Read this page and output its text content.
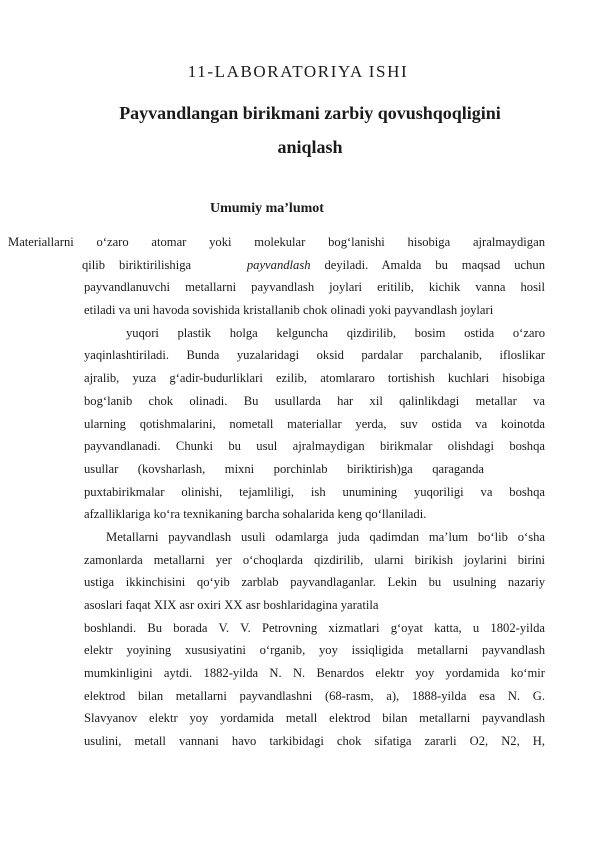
11-LABORATORIYA ISHI
Payvandlangan birikmani zarbiy qovushqoqligini
aniqlash
Umumiy ma’lumot
Materiallarni o‘zaro atomar yoki molekular bog‘lanishi hisobiga ajralmaydigan
qilib biriktirilishiga	payvandlash deyiladi. Amalda bu maqsad uchun
payvandlanuvchi metallarni payvandlash joylari eritilib, kichik vanna hosil
etiladi va uni havoda sovishida kristallanib chok olinadi yoki payvandlash joylari
yuqori plastik holga kelguncha qizdirilib, bosim ostida o‘zaro
yaqinlashtiriladi. Bunda yuzalaridagi oksid pardalar parchalanib, ifloslikar
ajralib, yuza g‘adir-budurliklari ezilib, atomlararo tortishish kuchlari hisobiga
bog‘lanib chok olinadi. Bu usullarda har xil qalinlikdagi metallar va
ularning qotishmalarini, nometall materiallar yerda, suv ostida va koinotda
payvandlanadi. Chunki bu usul ajralmaydigan birikmalar olishdagi boshqa
usullar (kovsharlash, mixni porchinlab biriktirish)ga qaraganda
puxtabirikmalar olinishi, tejamliligi, ish unumining yuqoriligi va boshqa
afzalliklariga ko‘ra texnikaning barcha sohalarida keng qo‘llaniladi.
Metallarni payvandlash usuli odamlarga juda qadimdan ma’lum bo‘lib o‘sha
zamonlarda metallarni yer o‘choqlarda qizdirilib, ularni birikish joylarini birini
ustiga ikkinchisini qo‘yib zarblab payvandlaganlar. Lekin bu usulning nazariy
asoslari faqat XIX asr oxiri XX asr boshlaridagina yaratila
boshlandi. Bu borada V. V. Petrovning xizmatlari g‘oyat katta, u 1802-yilda
elektr yoyining xususiyatini o‘rganib, yoy issiqligida metallarni payvandlash
mumkinligini aytdi. 1882-yilda N. N. Benardos elektr yoy yordamida ko‘mir
elektrod bilan metallarni payvandlashni (68-rasm, a), 1888-yilda esa N. G.
Slavyanov elektr yoy yordamida metall elektrod bilan metallarni payvandlash
usulini, metall vannani havo tarkibidagi chok sifatiga zararli O2, N2, H,
